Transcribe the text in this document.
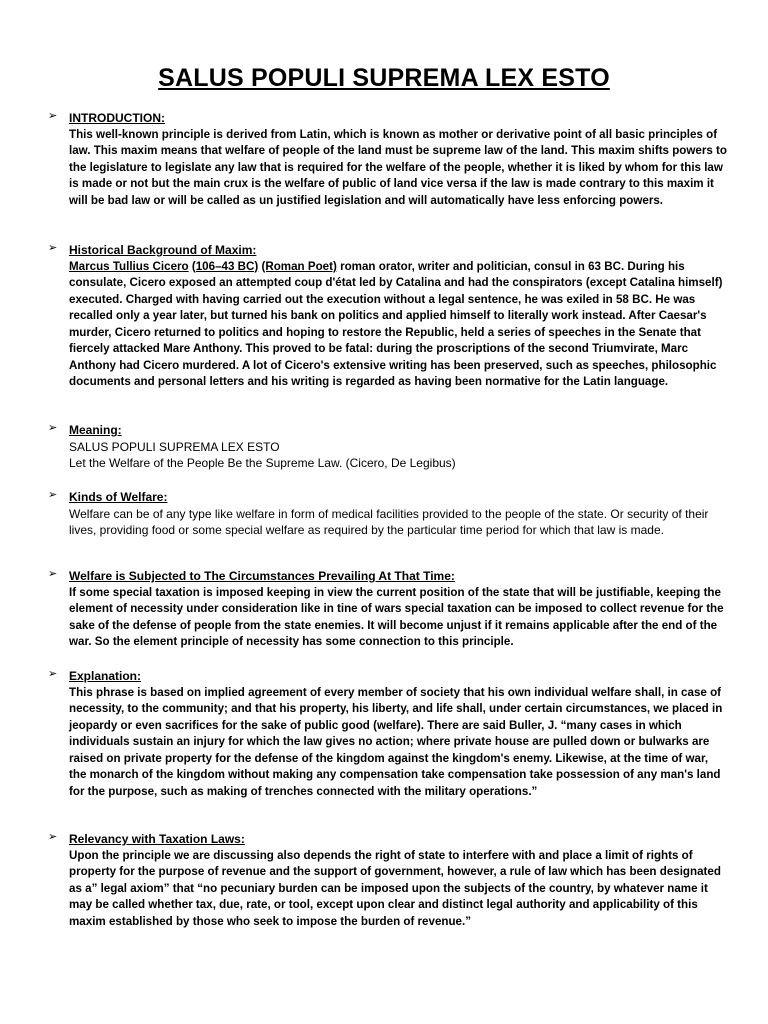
SALUS POPULI SUPREMA LEX ESTO
➢ INTRODUCTION:
This well-known principle is derived from Latin, which is known as mother or derivative point of all basic principles of law. This maxim means that welfare of people of the land must be supreme law of the land. This maxim shifts powers to the legislature to legislate any law that is required for the welfare of the people, whether it is liked by whom for this law is made or not but the main crux is the welfare of public of land vice versa if the law is made contrary to this maxim it will be bad law or will be called as un justified legislation and will automatically have less enforcing powers.
➢ Historical Background of Maxim:
Marcus Tullius Cicero (106–43 BC) (Roman Poet) roman orator, writer and politician, consul in 63 BC. During his consulate, Cicero exposed an attempted coup d'état led by Catalina and had the conspirators (except Catalina himself) executed. Charged with having carried out the execution without a legal sentence, he was exiled in 58 BC. He was recalled only a year later, but turned his bank on politics and applied himself to literally work instead. After Caesar's murder, Cicero returned to politics and hoping to restore the Republic, held a series of speeches in the Senate that fiercely attacked Mare Anthony. This proved to be fatal: during the proscriptions of the second Triumvirate, Marc Anthony had Cicero murdered. A lot of Cicero's extensive writing has been preserved, such as speeches, philosophic documents and personal letters and his writing is regarded as having been normative for the Latin language.
➢ Meaning:
SALUS POPULI SUPREMA LEX ESTO
Let the Welfare of the People Be the Supreme Law. (Cicero, De Legibus)
➢ Kinds of Welfare:
Welfare can be of any type like welfare in form of medical facilities provided to the people of the state. Or security of their lives, providing food or some special welfare as required by the particular time period for which that law is made.
➢ Welfare is Subjected to The Circumstances Prevailing At That Time:
If some special taxation is imposed keeping in view the current position of the state that will be justifiable, keeping the element of necessity under consideration like in tine of wars special taxation can be imposed to collect revenue for the sake of the defense of people from the state enemies. It will become unjust if it remains applicable after the end of the war. So the element principle of necessity has some connection to this principle.
➢ Explanation:
This phrase is based on implied agreement of every member of society that his own individual welfare shall, in case of necessity, to the community; and that his property, his liberty, and life shall, under certain circumstances, we placed in jeopardy or even sacrifices for the sake of public good (welfare). There are said Buller, J. “many cases in which individuals sustain an injury for which the law gives no action; where private house are pulled down or bulwarks are raised on private property for the defense of the kingdom against the kingdom's enemy. Likewise, at the time of war, the monarch of the kingdom without making any compensation take compensation take possession of any man's land for the purpose, such as making of trenches connected with the military operations.”
➢ Relevancy with Taxation Laws:
Upon the principle we are discussing also depends the right of state to interfere with and place a limit of rights of property for the purpose of revenue and the support of government, however, a rule of law which has been designated as a” legal axiom” that “no pecuniary burden can be imposed upon the subjects of the country, by whatever name it may be called whether tax, due, rate, or tool, except upon clear and distinct legal authority and applicability of this maxim established by those who seek to impose the burden of revenue.”
